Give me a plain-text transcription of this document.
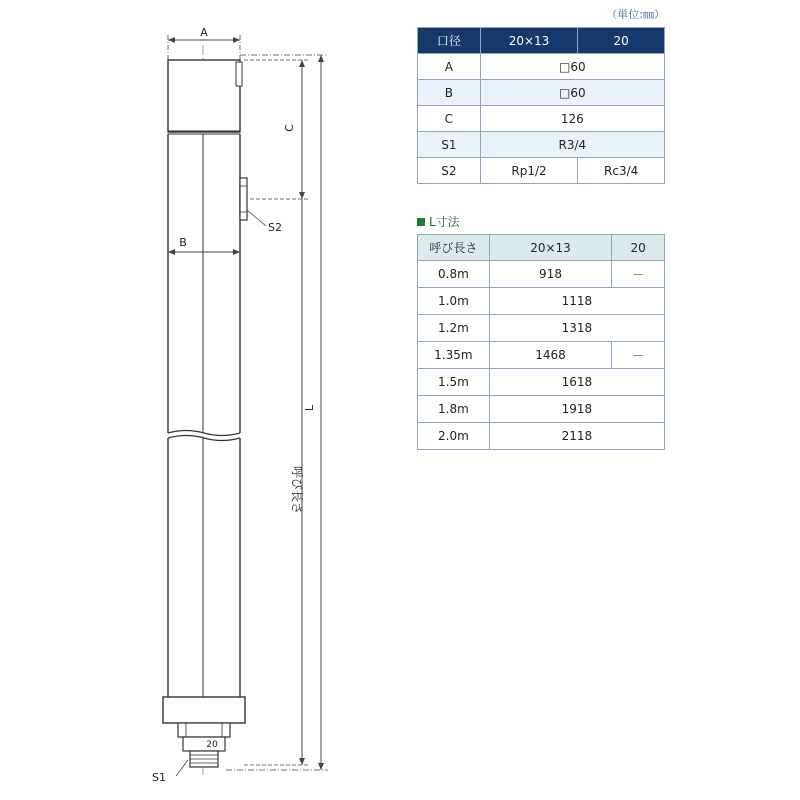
A
S2
B
C
20
S1
L
呼び長さ
（単位:㎜）
口径	20×13	20
A	□60	
B	□60	
C	126	
S1	R3/4	
S2	Rp1/2	Rc3/4
L寸法
呼び長さ	20×13	20
0.8m	918	－
1.0m	1118	
1.2m	1318	
1.35m	1468	－
1.5m	1618	
1.8m	1918	
2.0m	2118	
